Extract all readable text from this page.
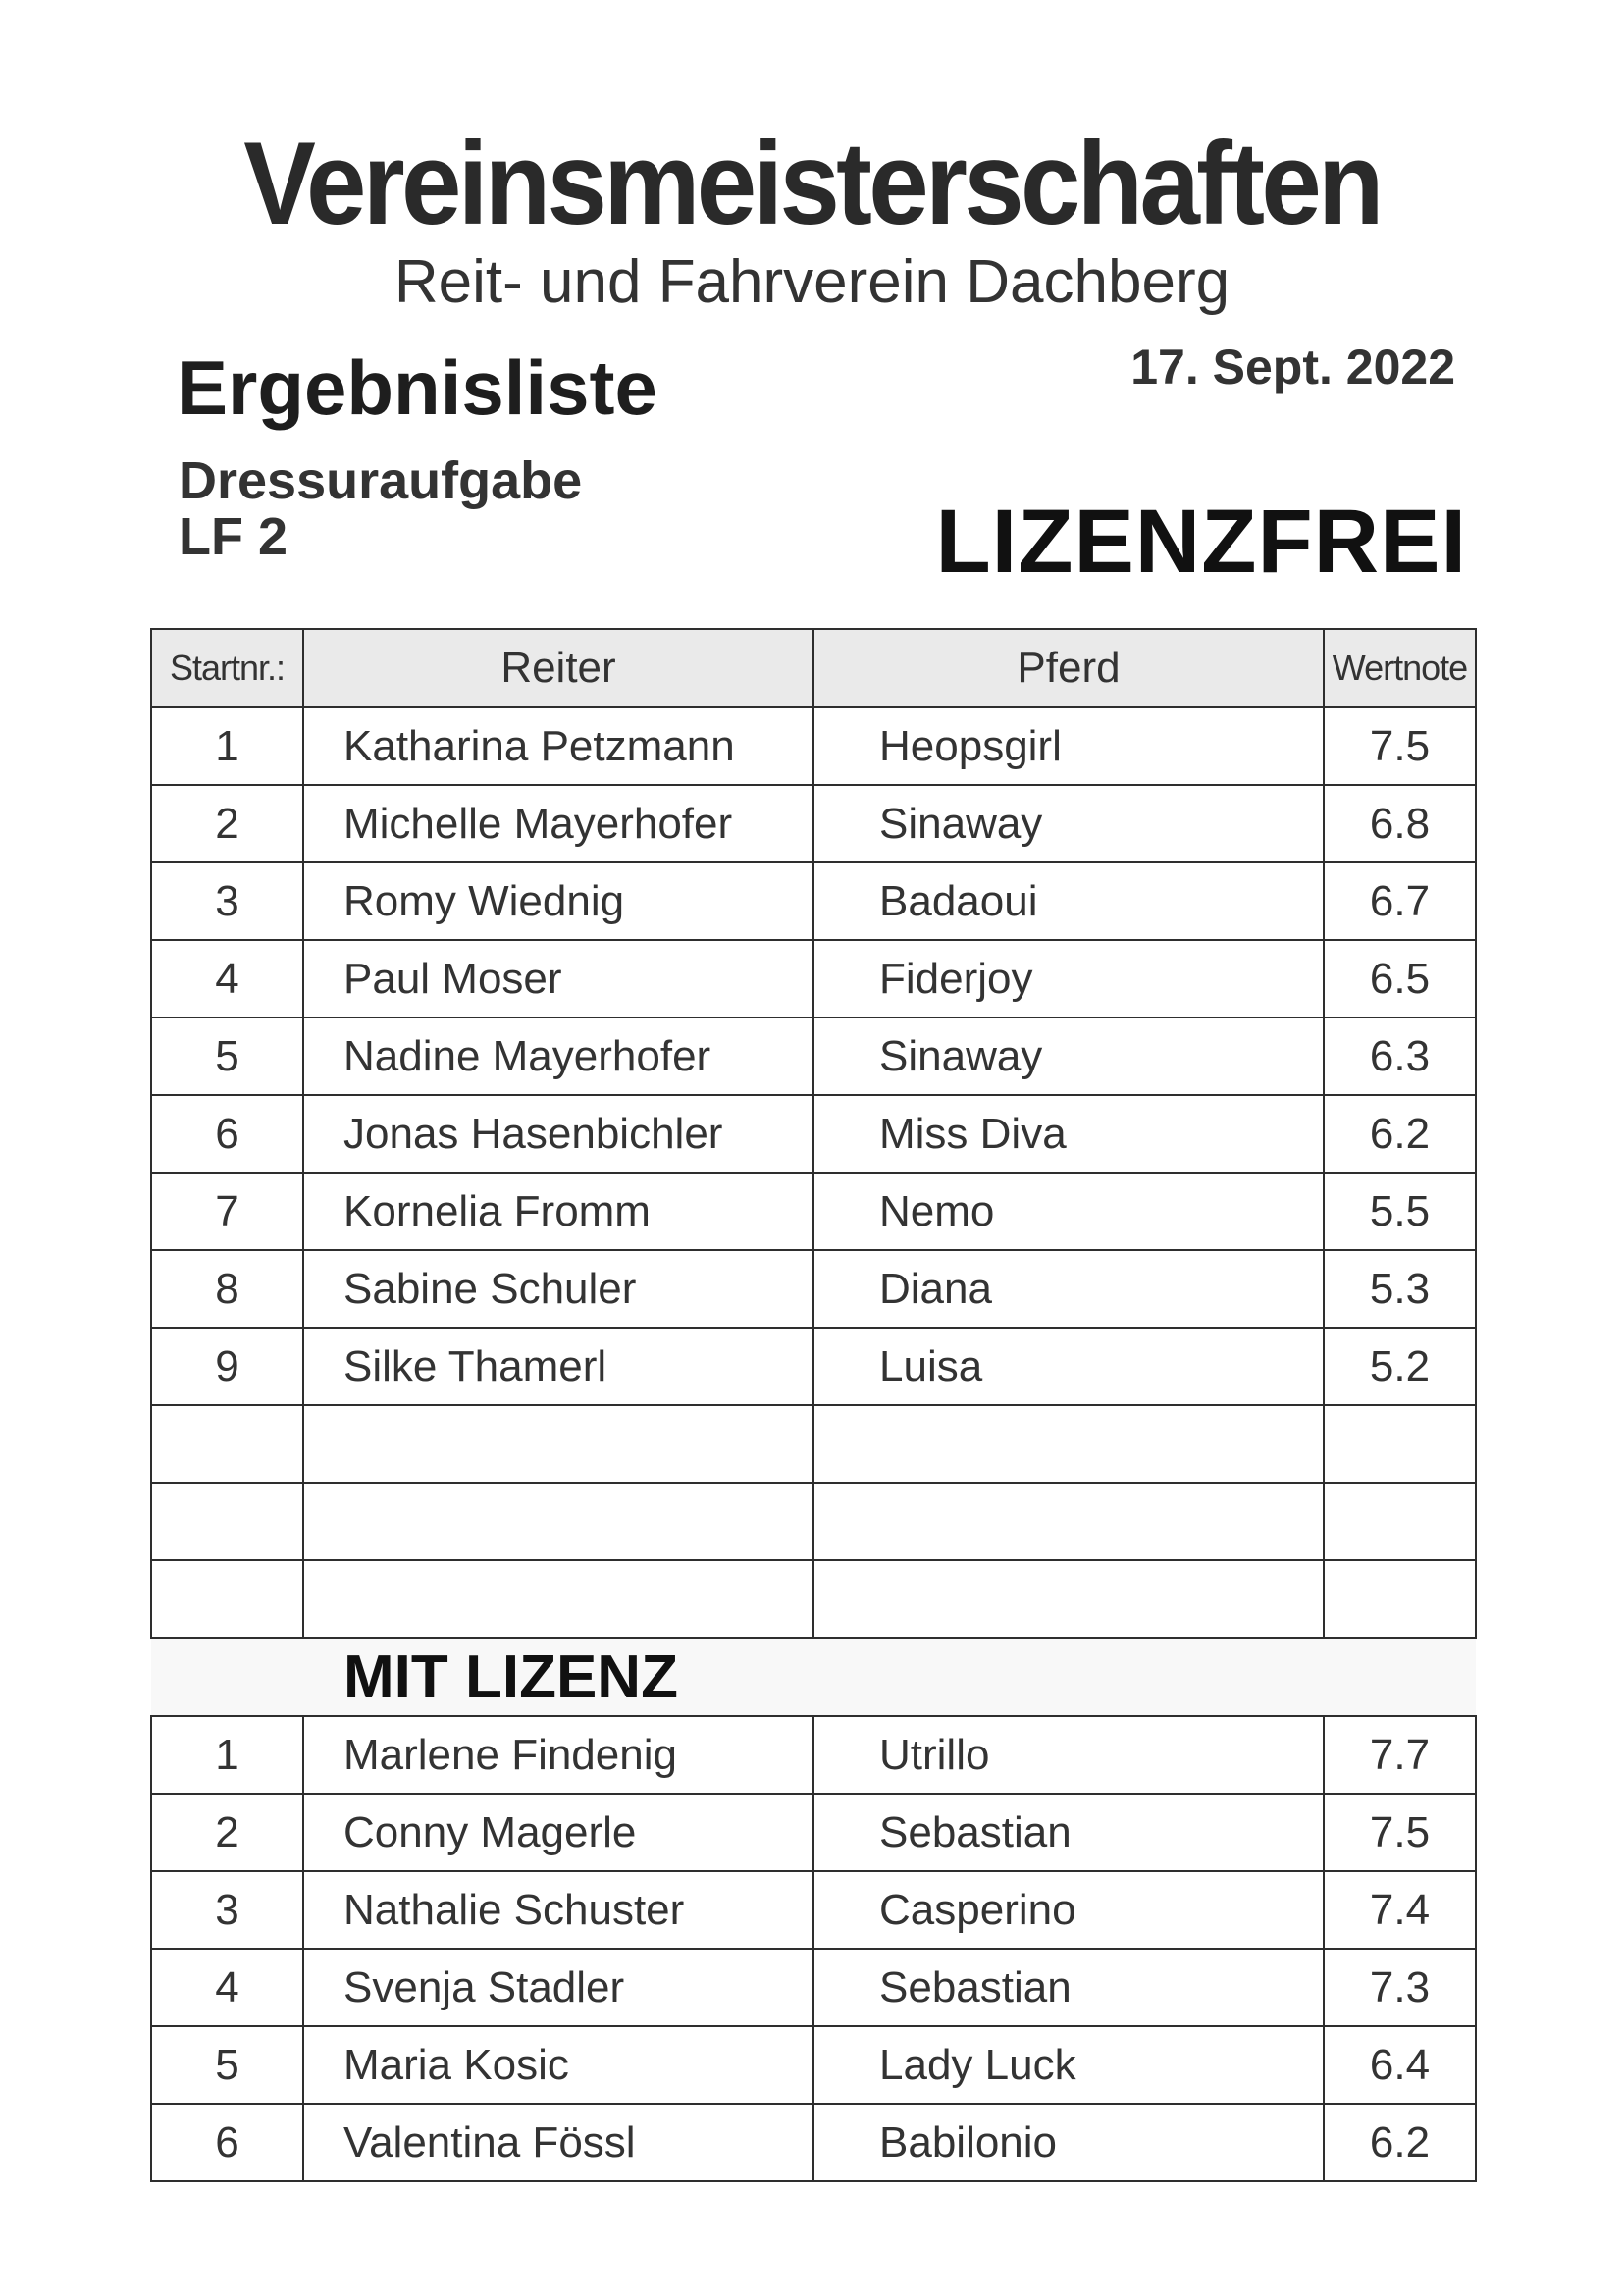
Vereinsmeisterschaften
Reit- und Fahrverein Dachberg
Ergebnisliste	17. Sept. 2022
Dressuraufgabe
LF 2	LIZENZFREI
Startnr.:	Reiter	Pferd	Wertnote
1	Katharina Petzmann	Heopsgirl	7.5
2	Michelle Mayerhofer	Sinaway	6.8
3	Romy Wiednig	Badaoui	6.7
4	Paul Moser	Fiderjoy	6.5
5	Nadine Mayerhofer	Sinaway	6.3
6	Jonas Hasenbichler	Miss Diva	6.2
7	Kornelia Fromm	Nemo	5.5
8	Sabine Schuler	Diana	5.3
9	Silke Thamerl	Luisa	5.2

MIT LIZENZ			
1	Marlene Findenig	Utrillo	7.7
2	Conny Magerle	Sebastian	7.5
3	Nathalie Schuster	Casperino	7.4
4	Svenja Stadler	Sebastian	7.3
5	Maria Kosic	Lady Luck	6.4
6	Valentina Fössl	Babilonio	6.2
